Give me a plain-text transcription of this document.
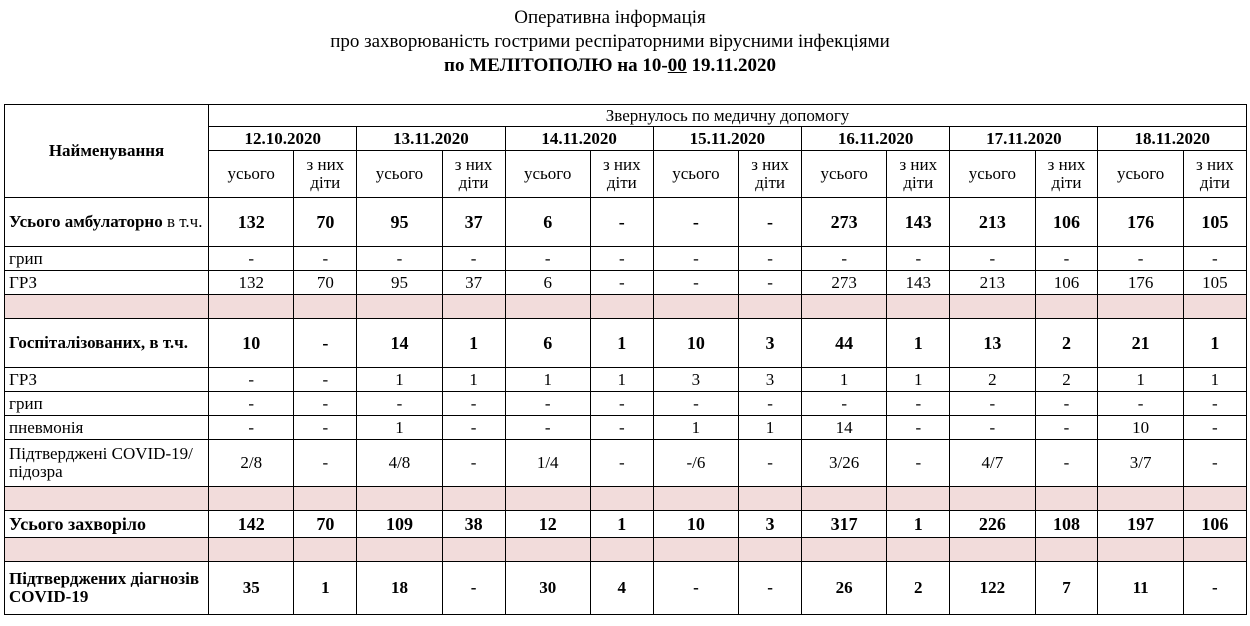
Оперативна інформація
про захворюваність гострими респіраторними вірусними інфекціями
по МЕЛІТОПОЛЮ на 10-00 19.11.2020
Найменування	Звернулось по медичну допомогу													
	12.10.2020		13.11.2020		14.11.2020		15.11.2020		16.11.2020		17.11.2020		18.11.2020	
	усього	з них діти	усього	з них діти	усього	з них діти	усього	з них діти	усього	з них діти	усього	з них діти	усього	з них діти
Усього амбулаторно в т.ч.	132	70	95	37	6	-	-	-	273	143	213	106	176	105
грип	-	-	-	-	-	-	-	-	-	-	-	-	-	-
ГРЗ	132	70	95	37	6	-	-	-	273	143	213	106	176	105

Госпіталізованих, в т.ч.	10	-	14	1	6	1	10	3	44	1	13	2	21	1
ГРЗ	-	-	1	1	1	1	3	3	1	1	2	2	1	1
грип	-	-	-	-	-	-	-	-	-	-	-	-	-	-
пневмонія	-	-	1	-	-	-	1	1	14	-	-	-	10	-
Підтверджені COVID-19/підозра	2/8	-	4/8	-	1/4	-	-/6	-	3/26	-	4/7	-	3/7	-

Усього захворіло	142	70	109	38	12	1	10	3	317	1	226	108	197	106

Підтверджених діагнозів COVID-19	35	1	18	-	30	4	-	-	26	2	122	7	11	-
